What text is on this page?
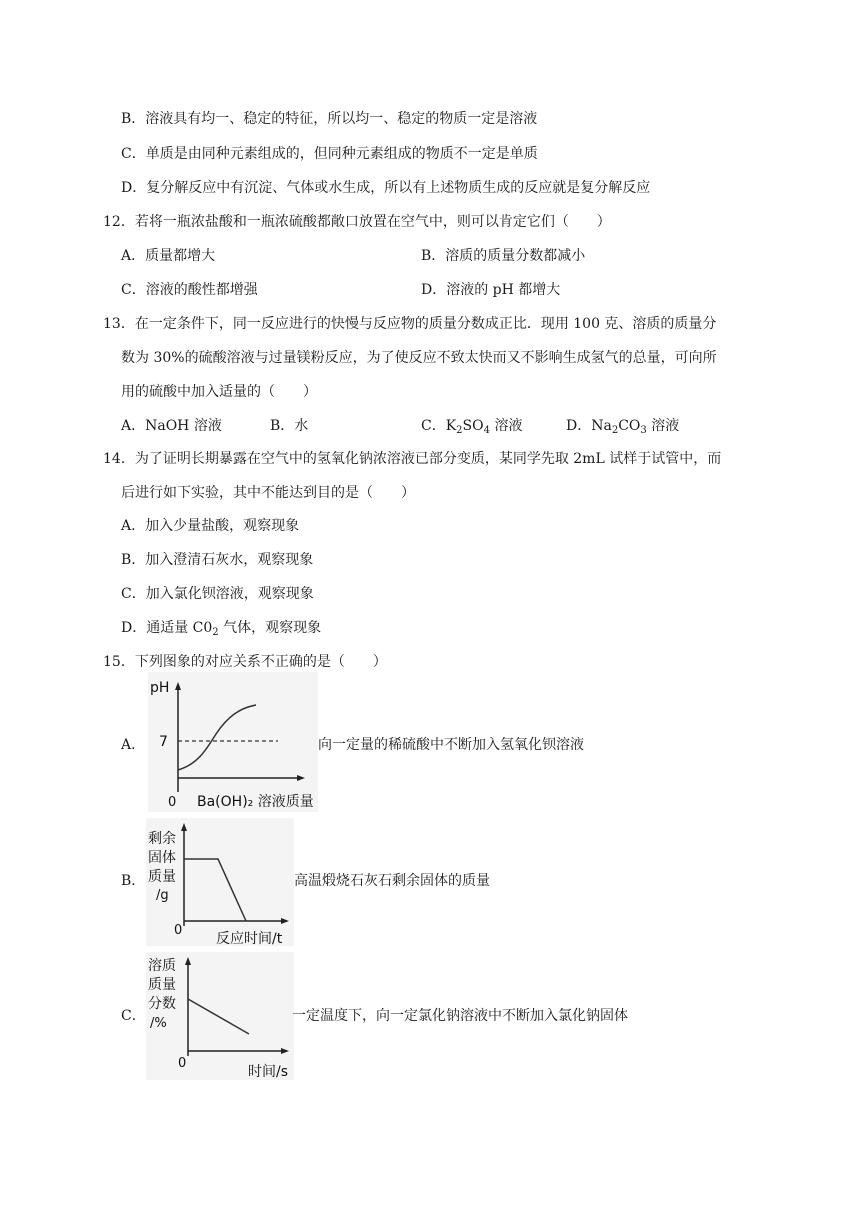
B．溶液具有均一、稳定的特征，所以均一、稳定的物质一定是溶液
C．单质是由同种元素组成的，但同种元素组成的物质不一定是单质
D．复分解反应中有沉淀、气体或水生成，所以有上述物质生成的反应就是复分解反应
12．若将一瓶浓盐酸和一瓶浓硫酸都敞口放置在空气中，则可以肯定它们（　　）
A．质量都增大	B．溶质的质量分数都减小
C．溶液的酸性都增强	D．溶液的 pH 都增大
13．在一定条件下，同一反应进行的快慢与反应物的质量分数成正比．现用 100 克、溶质的质量分
数为 30%的硫酸溶液与过量镁粉反应，为了使反应不致太快而又不影响生成氢气的总量，可向所
用的硫酸中加入适量的（　　）
A．NaOH 溶液	B．水	C．$K_2SO_4$ 溶液	D．$Na_2CO_3$ 溶液
14．为了证明长期暴露在空气中的氢氧化钠浓溶液已部分变质，某同学先取 2mL 试样于试管中，而
后进行如下实验，其中不能达到目的是（　　）
A．加入少量盐酸，观察现象
B．加入澄清石灰水，观察现象
C．加入氯化钡溶液，观察现象
D．通适量 $C0_2$ 气体，观察现象
15．下列图象的对应关系不正确的是（　　）
A．
pH
7
0 Ba(OH)₂ 溶液质量
向一定量的稀硫酸中不断加入氢氧化钡溶液
B．
剩余
固体
质量
/g
0
反应时间/t
高温煅烧石灰石剩余固体的质量
C．
溶质
质量
分数
/%
0
时间/s
一定温度下，向一定氯化钠溶液中不断加入氯化钠固体
